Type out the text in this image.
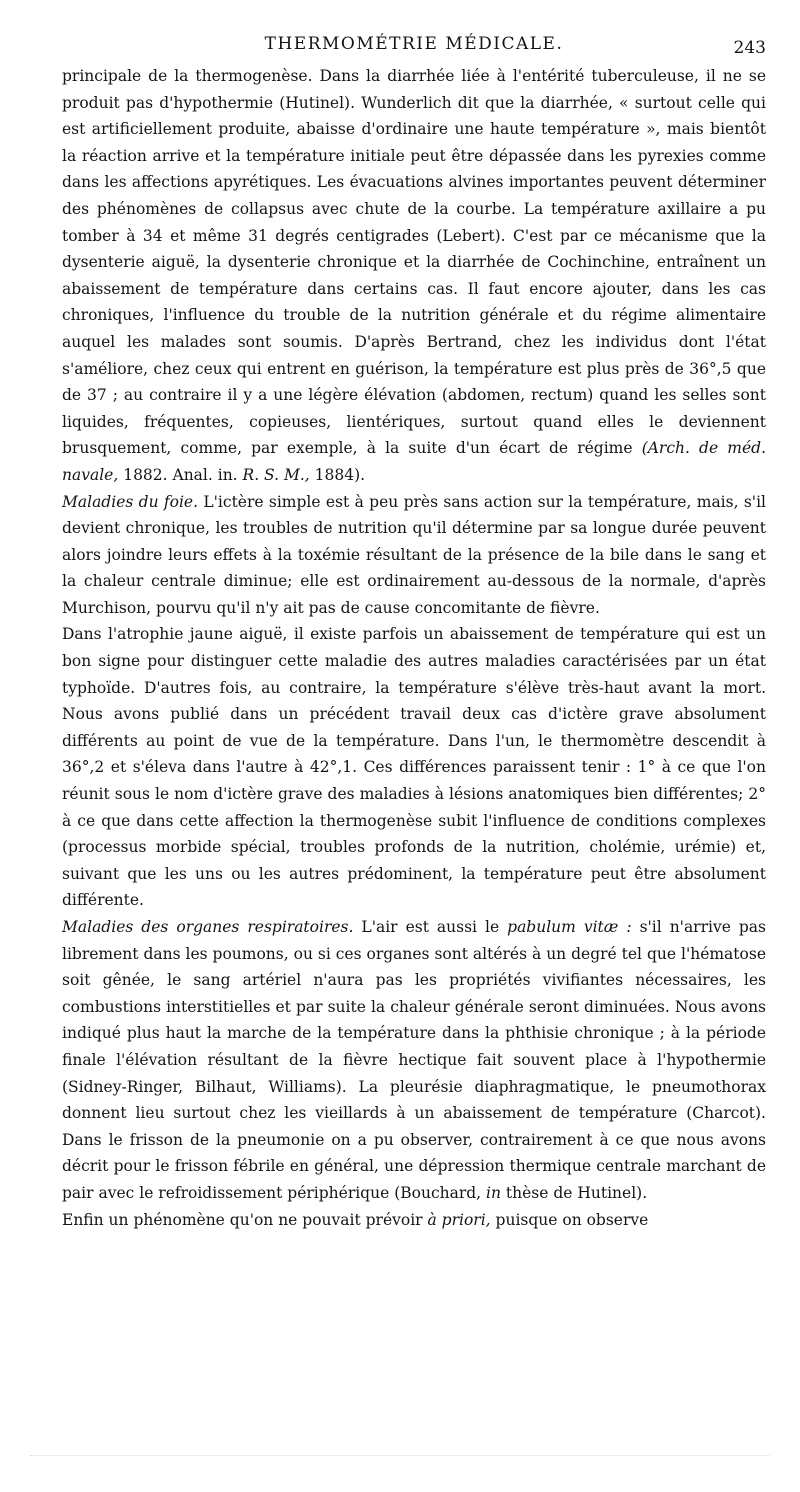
THERMOMÉTRIE MÉDICALE.	243

principale de la thermogenèse. Dans la diarrhée liée à l'entérité tuberculeuse, il ne se produit pas d'hypothermie (Hutinel). Wunderlich dit que la diarrhée, « surtout celle qui est artificiellement produite, abaisse d'ordinaire une haute température », mais bientôt la réaction arrive et la température initiale peut être dépassée dans les pyrexies comme dans les affections apyrétiques. Les évacuations alvines importantes peuvent déterminer des phénomènes de collapsus avec chute de la courbe. La température axillaire a pu tomber à 34 et même 31 degrés centigrades (Lebert). C'est par ce mécanisme que la dysenterie aiguë, la dysenterie chronique et la diarrhée de Cochinchine, entraînent un abaissement de température dans certains cas. Il faut encore ajouter, dans les cas chroniques, l'influence du trouble de la nutrition générale et du régime alimentaire auquel les malades sont soumis. D'après Bertrand, chez les individus dont l'état s'améliore, chez ceux qui entrent en guérison, la température est plus près de 36°,5 que de 37 ; au contraire il y a une légère élévation (abdomen, rectum) quand les selles sont liquides, fréquentes, copieuses, lientériques, surtout quand elles le deviennent brusquement, comme, par exemple, à la suite d'un écart de régime (Arch. de méd. navale, 1882. Anal. in. R. S. M., 1884).

Maladies du foie. L'ictère simple est à peu près sans action sur la température, mais, s'il devient chronique, les troubles de nutrition qu'il détermine par sa longue durée peuvent alors joindre leurs effets à la toxémie résultant de la présence de la bile dans le sang et la chaleur centrale diminue; elle est ordinairement au-dessous de la normale, d'après Murchison, pourvu qu'il n'y ait pas de cause concomitante de fièvre.

Dans l'atrophie jaune aiguë, il existe parfois un abaissement de température qui est un bon signe pour distinguer cette maladie des autres maladies caractérisées par un état typhoïde. D'autres fois, au contraire, la température s'élève très-haut avant la mort. Nous avons publié dans un précédent travail deux cas d'ictère grave absolument différents au point de vue de la température. Dans l'un, le thermomètre descendit à 36°,2 et s'éleva dans l'autre à 42°,1. Ces différences paraissent tenir : 1° à ce que l'on réunit sous le nom d'ictère grave des maladies à lésions anatomiques bien différentes; 2° à ce que dans cette affection la thermogenèse subit l'influence de conditions complexes (processus morbide spécial, troubles profonds de la nutrition, cholémie, urémie) et, suivant que les uns ou les autres prédominent, la température peut être absolument différente.

Maladies des organes respiratoires. L'air est aussi le pabulum vitæ : s'il n'arrive pas librement dans les poumons, ou si ces organes sont altérés à un degré tel que l'hématose soit gênée, le sang artériel n'aura pas les propriétés vivifiantes nécessaires, les combustions interstitielles et par suite la chaleur générale seront diminuées. Nous avons indiqué plus haut la marche de la température dans la phthisie chronique ; à la période finale l'élévation résultant de la fièvre hectique fait souvent place à l'hypothermie (Sidney-Ringer, Bilhaut, Williams). La pleurésie diaphragmatique, le pneumothorax donnent lieu surtout chez les vieillards à un abaissement de température (Charcot). Dans le frisson de la pneumonie on a pu observer, contrairement à ce que nous avons décrit pour le frisson fébrile en général, une dépression thermique centrale marchant de pair avec le refroidissement périphérique (Bouchard, in thèse de Hutinel).

Enfin un phénomène qu'on ne pouvait prévoir à priori, puisque on observe
